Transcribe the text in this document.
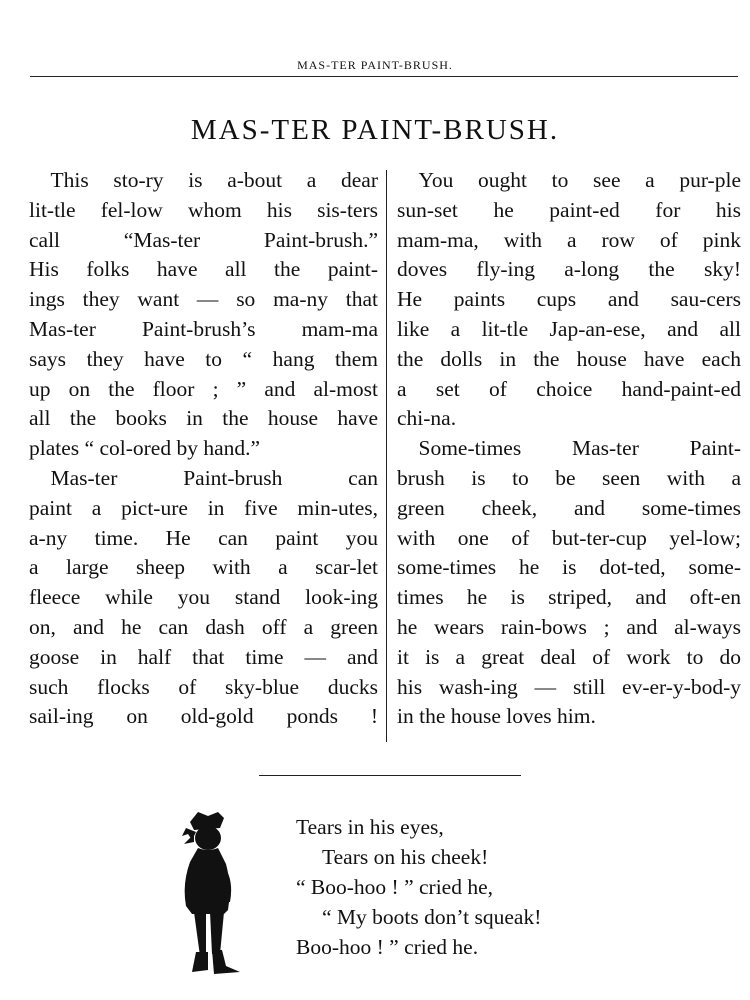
MAS-TER PAINT-BRUSH.
MAS-TER PAINT-BRUSH.
 This sto-ry is a-bout a dear
lit-tle fel-low whom his sis-ters
call “Mas-ter Paint-brush.”
His folks have all the paint-
ings they want — so ma-ny that
Mas-ter Paint-brush’s mam-ma
says they have to “ hang them
up on the floor ; ” and al-most
all the books in the house have
plates “ col-ored by hand.”
 Mas-ter Paint-brush can
paint a pict-ure in five min-utes,
a-ny time. He can paint you
a large sheep with a scar-let
fleece while you stand look-ing
on, and he can dash off a green
goose in half that time — and
such flocks of sky-blue ducks
sail-ing on old-gold ponds !
 You ought to see a pur-ple
sun-set he paint-ed for his
mam-ma, with a row of pink
doves fly-ing a-long the sky!
He paints cups and sau-cers
like a lit-tle Jap-an-ese, and all
the dolls in the house have each
a set of choice hand-paint-ed
chi-na.
 Some-times Mas-ter Paint-
brush is to be seen with a
green cheek, and some-times
with one of but-ter-cup yel-low;
some-times he is dot-ted, some-
times he is striped, and oft-en
he wears rain-bows ; and al-ways
it is a great deal of work to do
his wash-ing — still ev-er-y-bod-y
in the house loves him.
Tears in his eyes,
Tears on his cheek!
“ Boo-hoo ! ” cried he,
“ My boots don’t squeak!
Boo-hoo ! ” cried he.
